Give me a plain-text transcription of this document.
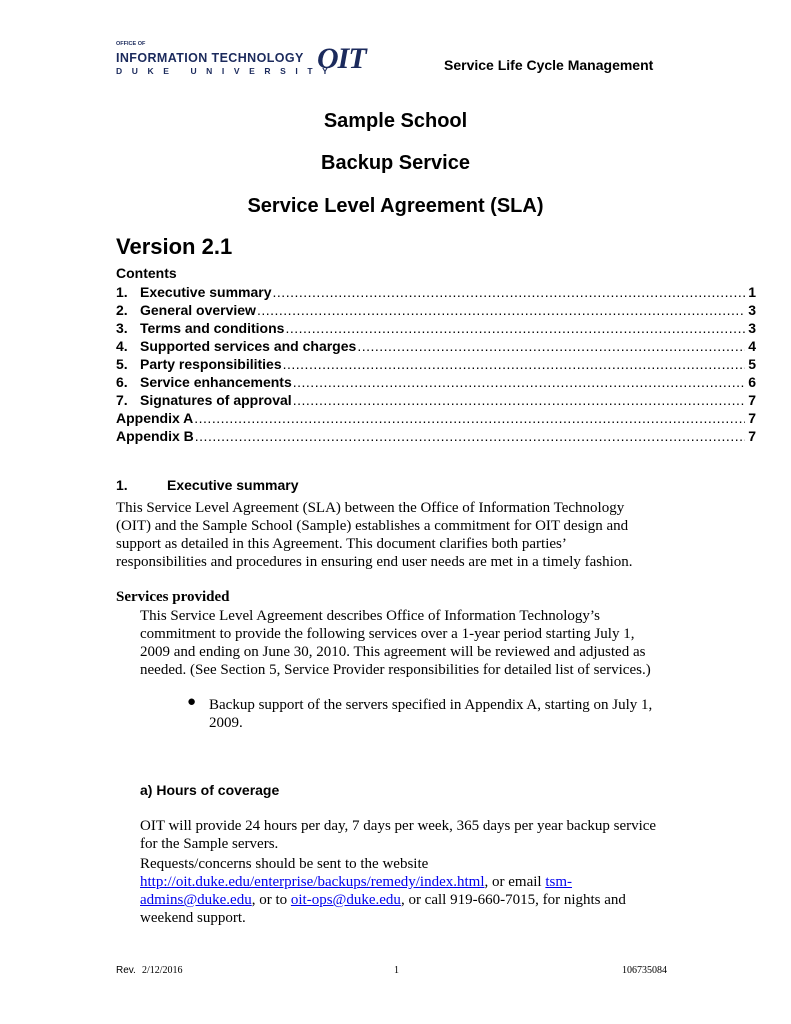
OFFICE OF
INFORMATION TECHNOLOGY
DUKE UNIVERSITY
OIT	Service Life Cycle Management
Sample School
Backup Service
Service Level Agreement (SLA)
Version 2.1
Contents
1. Executive summary .....	1
2. General overview .....	3
3. Terms and conditions .....	3
4. Supported services and charges .....	4
5. Party responsibilities .....	5
6. Service enhancements .....	6
7. Signatures of approval .....	7
Appendix A .....	7
Appendix B .....	7
1.	Executive summary
This Service Level Agreement (SLA) between the Office of Information Technology
(OIT) and the Sample School (Sample) establishes a commitment for OIT design and
support as detailed in this Agreement. This document clarifies both parties’
responsibilities and procedures in ensuring end user needs are met in a timely fashion.
Services provided
This Service Level Agreement describes Office of Information Technology’s
commitment to provide the following services over a 1-year period starting July 1,
2009 and ending on June 30, 2010. This agreement will be reviewed and adjusted as
needed. (See Section 5, Service Provider responsibilities for detailed list of services.)
● Backup support of the servers specified in Appendix A, starting on July 1,
2009.
a) Hours of coverage
OIT will provide 24 hours per day, 7 days per week, 365 days per year backup service
for the Sample servers.
Requests/concerns should be sent to the website
http://oit.duke.edu/enterprise/backups/remedy/index.html, or email tsm-
admins@duke.edu, or to oit-ops@duke.edu, or call 919-660-7015, for nights and
weekend support.
Rev. 2/12/2016	1	106735084
